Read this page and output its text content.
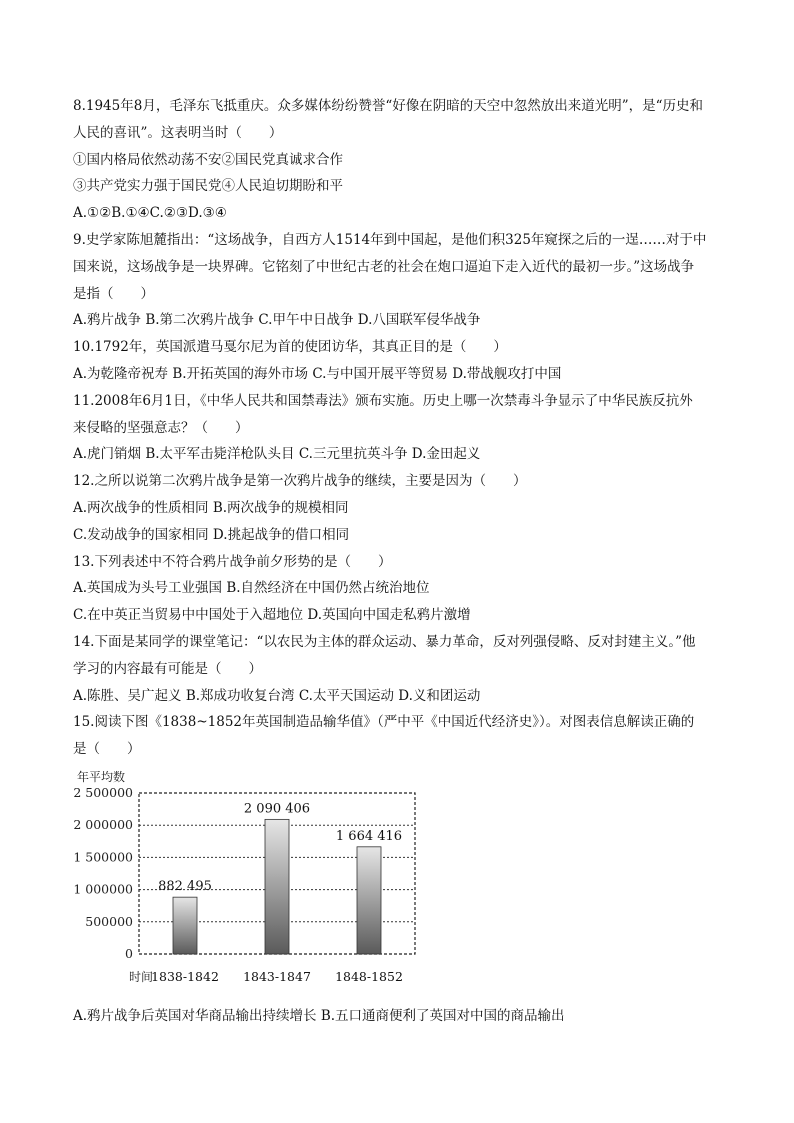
8.1945年8月，毛泽东飞抵重庆。众多媒体纷纷赞誉“好像在阴暗的天空中忽然放出来道光明”，是“历史和
人民的喜讯”。这表明当时（　　）
①国内格局依然动荡不安②国民党真诚求合作
③共产党实力强于国民党④人民迫切期盼和平
A.①②B.①④C.②③D.③④
9.史学家陈旭麓指出：“这场战争，自西方人1514年到中国起，是他们积325年窥探之后的一逞……对于中
国来说，这场战争是一块界碑。它铭刻了中世纪古老的社会在炮口逼迫下走入近代的最初一步。”这场战争
是指（　　）
A.鸦片战争 B.第二次鸦片战争 C.甲午中日战争 D.八国联军侵华战争
10.1792年，英国派遣马戛尔尼为首的使团访华，其真正目的是（　　）
A.为乾隆帝祝寿 B.开拓英国的海外市场 C.与中国开展平等贸易 D.带战舰攻打中国
11.2008年6月1日，《中华人民共和国禁毒法》颁布实施。历史上哪一次禁毒斗争显示了中华民族反抗外
来侵略的坚强意志？（　　）
A.虎门销烟 B.太平军击毙洋枪队头目 C.三元里抗英斗争 D.金田起义
12.之所以说第二次鸦片战争是第一次鸦片战争的继续，主要是因为（　　）
A.两次战争的性质相同 B.两次战争的规模相同
C.发动战争的国家相同 D.挑起战争的借口相同
13.下列表述中不符合鸦片战争前夕形势的是（　　）
A.英国成为头号工业强国 B.自然经济在中国仍然占统治地位
C.在中英正当贸易中中国处于入超地位 D.英国向中国走私鸦片激增
14.下面是某同学的课堂笔记：“以农民为主体的群众运动、暴力革命，反对列强侵略、反对封建主义。”他
学习的内容最有可能是（　　）
A.陈胜、吴广起义 B.郑成功收复台湾 C.太平天国运动 D.义和团运动
15.阅读下图《1838~1852年英国制造品输华值》（严中平《中国近代经济史》）。对图表信息解读正确的
是（　　）
0
500000
1 000000
1 500000
2 000000
2 500000
1838-1842 1843-1847 1848-1852
882 495
2 090 406
1 664 416
年平均数
时间
A.鸦片战争后英国对华商品输出持续增长 B.五口通商便利了英国对中国的商品输出
